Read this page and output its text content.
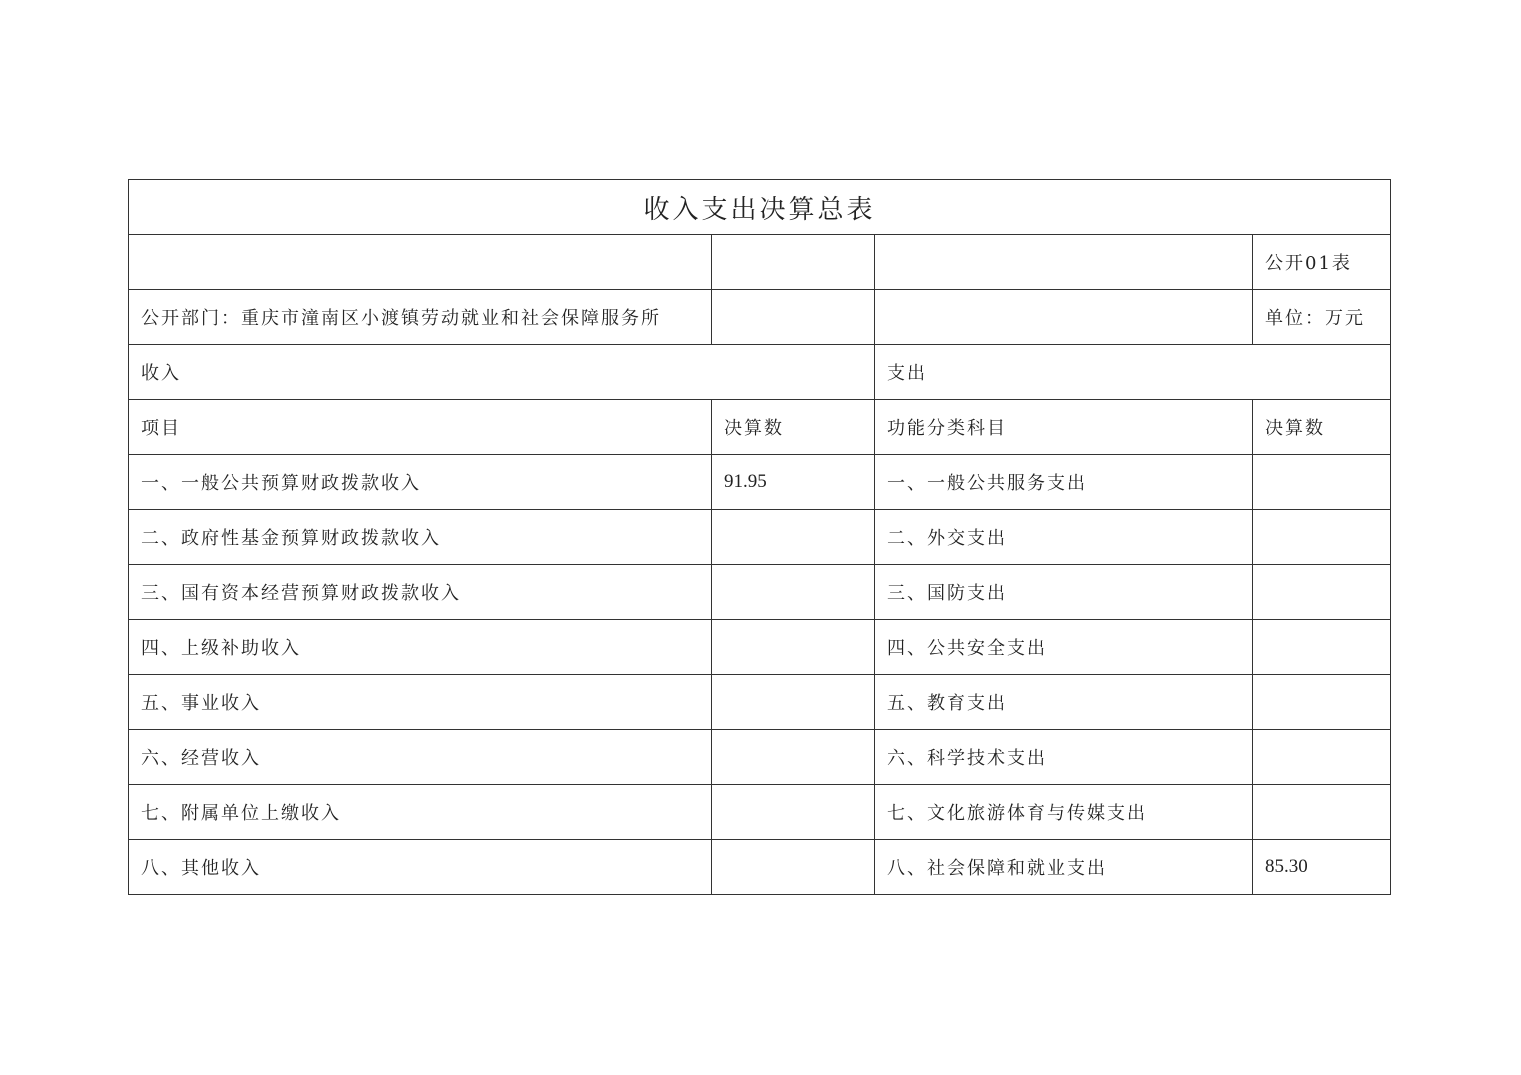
收入支出决算总表			
			公开01表
公开部门：重庆市潼南区小渡镇劳动就业和社会保障服务所			单位：万元
收入		支出	
项目	决算数	功能分类科目	决算数
一、一般公共预算财政拨款收入	91.95	一、一般公共服务支出	
二、政府性基金预算财政拨款收入		二、外交支出	
三、国有资本经营预算财政拨款收入		三、国防支出	
四、上级补助收入		四、公共安全支出	
五、事业收入		五、教育支出	
六、经营收入		六、科学技术支出	
七、附属单位上缴收入		七、文化旅游体育与传媒支出	
八、其他收入		八、社会保障和就业支出	85.30
